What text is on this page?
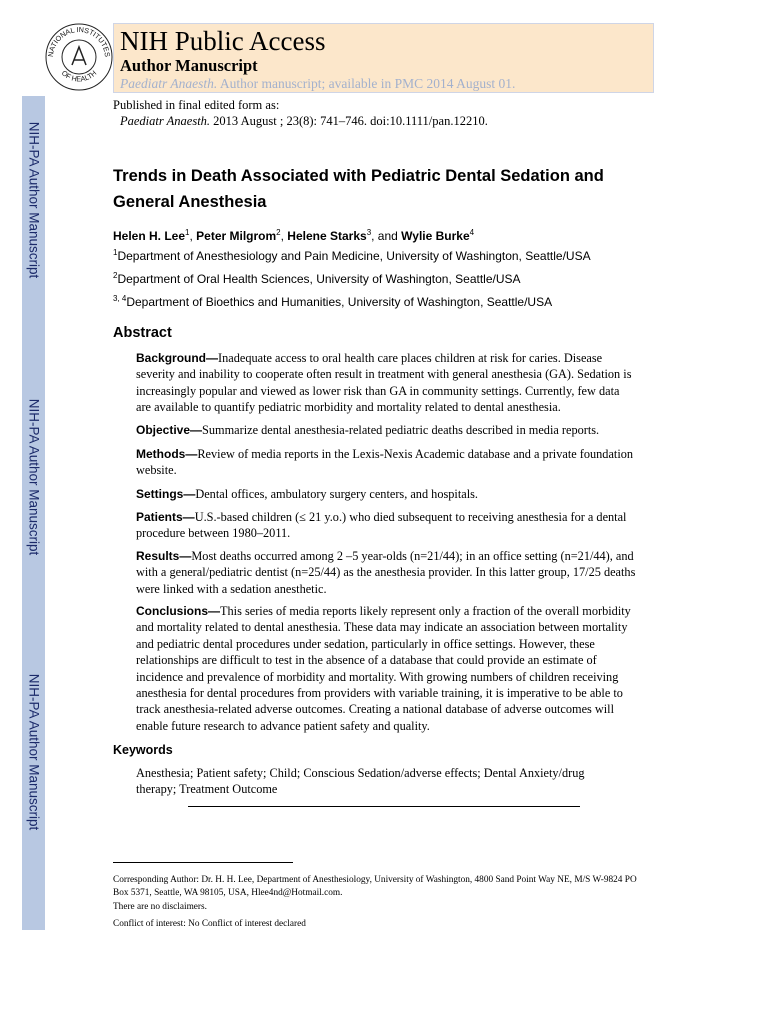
NIH-PA Author Manuscript
NIH-PA Author Manuscript
NIH-PA Author Manuscript
NATIONAL INSTITUTES
OF HEALTH
NIH Public Access
Author Manuscript
Paediatr Anaesth. Author manuscript; available in PMC 2014 August 01.
Published in final edited form as:
Paediatr Anaesth. 2013 August ; 23(8): 741–746. doi:10.1111/pan.12210.
Trends in Death Associated with Pediatric Dental Sedation and General Anesthesia
Helen H. Lee$^1$, Peter Milgrom$^2$, Helene Starks$^3$, and Wylie Burke$^4$
$^1$Department of Anesthesiology and Pain Medicine, University of Washington, Seattle/USA
$^2$Department of Oral Health Sciences, University of Washington, Seattle/USA
$^{3, 4}$Department of Bioethics and Humanities, University of Washington, Seattle/USA
Abstract
Background—Inadequate access to oral health care places children at risk for caries. Disease severity and inability to cooperate often result in treatment with general anesthesia (GA). Sedation is increasingly popular and viewed as lower risk than GA in community settings. Currently, few data are available to quantify pediatric morbidity and mortality related to dental anesthesia.
Objective—Summarize dental anesthesia-related pediatric deaths described in media reports.
Methods—Review of media reports in the Lexis-Nexis Academic database and a private foundation website.
Settings—Dental offices, ambulatory surgery centers, and hospitals.
Patients—U.S.-based children (≤ 21 y.o.) who died subsequent to receiving anesthesia for a dental procedure between 1980–2011.
Results—Most deaths occurred among 2 –5 year-olds (n=21/44); in an office setting (n=21/44), and with a general/pediatric dentist (n=25/44) as the anesthesia provider. In this latter group, 17/25 deaths were linked with a sedation anesthetic.
Conclusions—This series of media reports likely represent only a fraction of the overall morbidity and mortality related to dental anesthesia. These data may indicate an association between mortality and pediatric dental procedures under sedation, particularly in office settings. However, these relationships are difficult to test in the absence of a database that could provide an estimate of incidence and prevalence of morbidity and mortality. With growing numbers of children receiving anesthesia for dental procedures from providers with variable training, it is imperative to be able to track anesthesia-related adverse outcomes. Creating a national database of adverse outcomes will enable future research to advance patient safety and quality.
Keywords
Anesthesia; Patient safety; Child; Conscious Sedation/adverse effects; Dental Anxiety/drug therapy; Treatment Outcome
Corresponding Author: Dr. H. H. Lee, Department of Anesthesiology, University of Washington, 4800 Sand Point Way NE, M/S W-9824 PO Box 5371, Seattle, WA 98105, USA, Hlee4nd@Hotmail.com.
There are no disclaimers.
Conflict of interest: No Conflict of interest declared
